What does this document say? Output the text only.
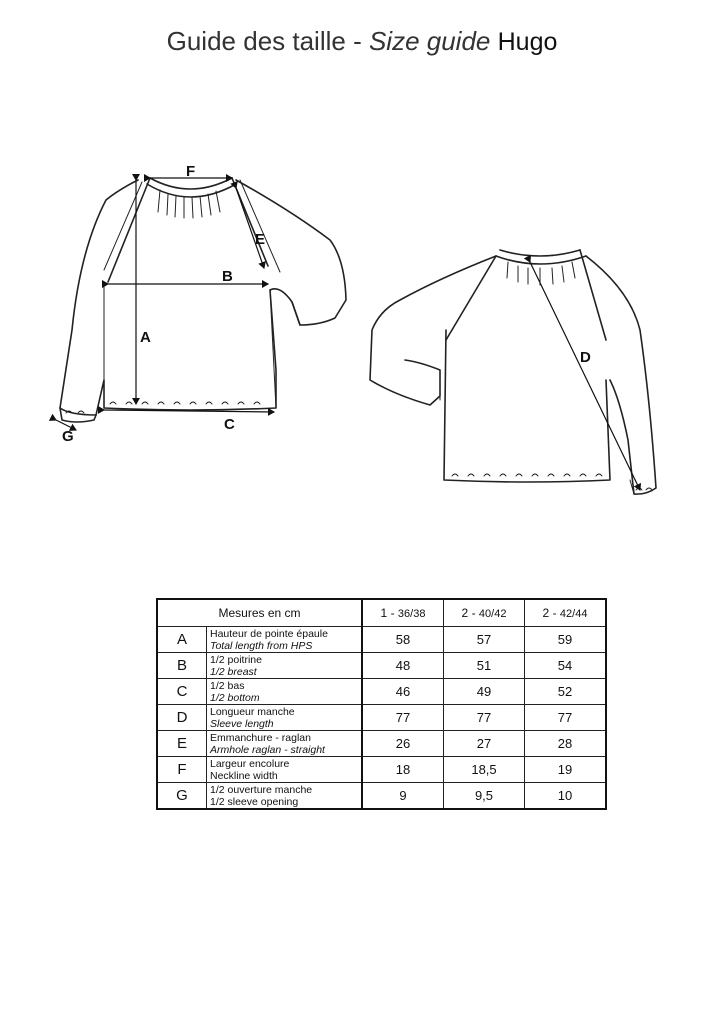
Guide des taille - Size guide Hugo
F
E
B
A
C
G
D
Mesures en cm		1 - 36/38	2 - 40/42	2 - 42/44
A	Hauteur de pointe épaule
Total length from HPS	58	57	59
B	1/2 poitrine
1/2 breast	48	51	54
C	1/2 bas
1/2 bottom	46	49	52
D	Longueur manche
Sleeve length	77	77	77
E	Emmanchure - raglan
Armhole raglan - straight	26	27	28
F	Largeur encolure
Neckline width	18	18,5	19
G	1/2 ouverture manche
1/2 sleeve opening	9	9,5	10
